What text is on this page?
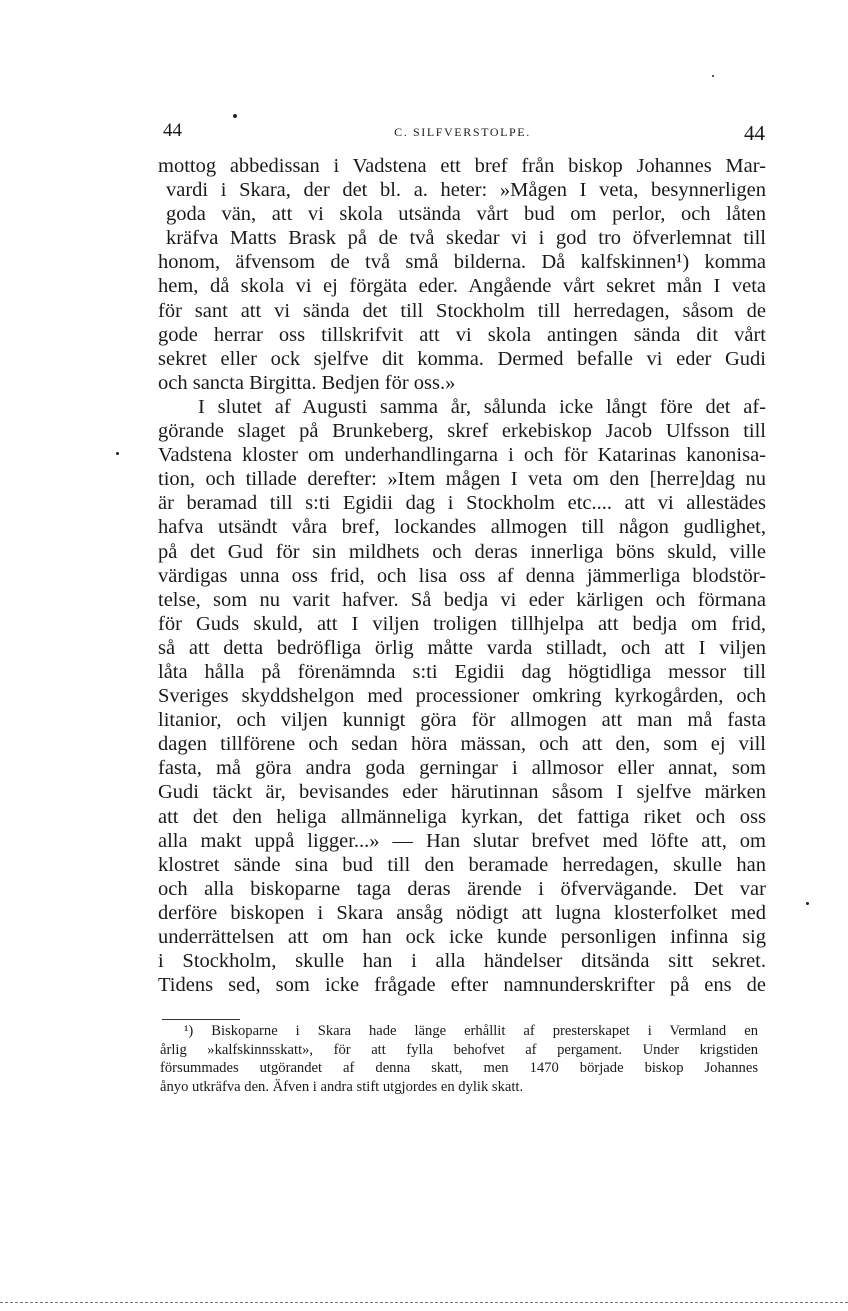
44	C. SILFVERSTOLPE.	44
mottog abbedissan i Vadstena ett bref från biskop Johannes Mar-
vardi i Skara, der det bl. a. heter: »Mågen I veta, besynnerligen
goda vän, att vi skola utsända vårt bud om perlor, och låten
kräfva Matts Brask på de två skedar vi i god tro öfverlemnat till
honom, äfvensom de två små bilderna. Då kalfskinnen¹) komma
hem, då skola vi ej förgäta eder. Angående vårt sekret mån I veta
för sant att vi sända det till Stockholm till herredagen, såsom de
gode herrar oss tillskrifvit att vi skola antingen sända dit vårt
sekret eller ock sjelfve dit komma. Dermed befalle vi eder Gudi
och sancta Birgitta. Bedjen för oss.»
I slutet af Augusti samma år, sålunda icke långt före det af-
görande slaget på Brunkeberg, skref erkebiskop Jacob Ulfsson till
Vadstena kloster om underhandlingarna i och för Katarinas kanonisa-
tion, och tillade derefter: »Item mågen I veta om den [herre]dag nu
är beramad till s:ti Egidii dag i Stockholm etc.... att vi allestädes
hafva utsändt våra bref, lockandes allmogen till någon gudlighet,
på det Gud för sin mildhets och deras innerliga böns skuld, ville
värdigas unna oss frid, och lisa oss af denna jämmerliga blodstör-
telse, som nu varit hafver. Så bedja vi eder kärligen och förmana
för Guds skuld, att I viljen troligen tillhjelpa att bedja om frid,
så att detta bedröfliga örlig måtte varda stilladt, och att I viljen
låta hålla på förenämnda s:ti Egidii dag högtidliga messor till
Sveriges skyddshelgon med processioner omkring kyrkogården, och
litanior, och viljen kunnigt göra för allmogen att man må fasta
dagen tillförene och sedan höra mässan, och att den, som ej vill
fasta, må göra andra goda gerningar i allmosor eller annat, som
Gudi täckt är, bevisandes eder härutinnan såsom I sjelfve märken
att det den heliga allmänneliga kyrkan, det fattiga riket och oss
alla makt uppå ligger...» — Han slutar brefvet med löfte att, om
klostret sände sina bud till den beramade herredagen, skulle han
och alla biskoparne taga deras ärende i öfvervägande. Det var
derföre biskopen i Skara ansåg nödigt att lugna klosterfolket med
underrättelsen att om han ock icke kunde personligen infinna sig
i Stockholm, skulle han i alla händelser ditsända sitt sekret.
Tidens sed, som icke frågade efter namnunderskrifter på ens de
¹) Biskoparne i Skara hade länge erhållit af presterskapet i Vermland en
årlig »kalfskinnsskatt», för att fylla behofvet af pergament. Under krigstiden
försummades utgörandet af denna skatt, men 1470 började biskop Johannes
ånyo utkräfva den. Äfven i andra stift utgjordes en dylik skatt.
